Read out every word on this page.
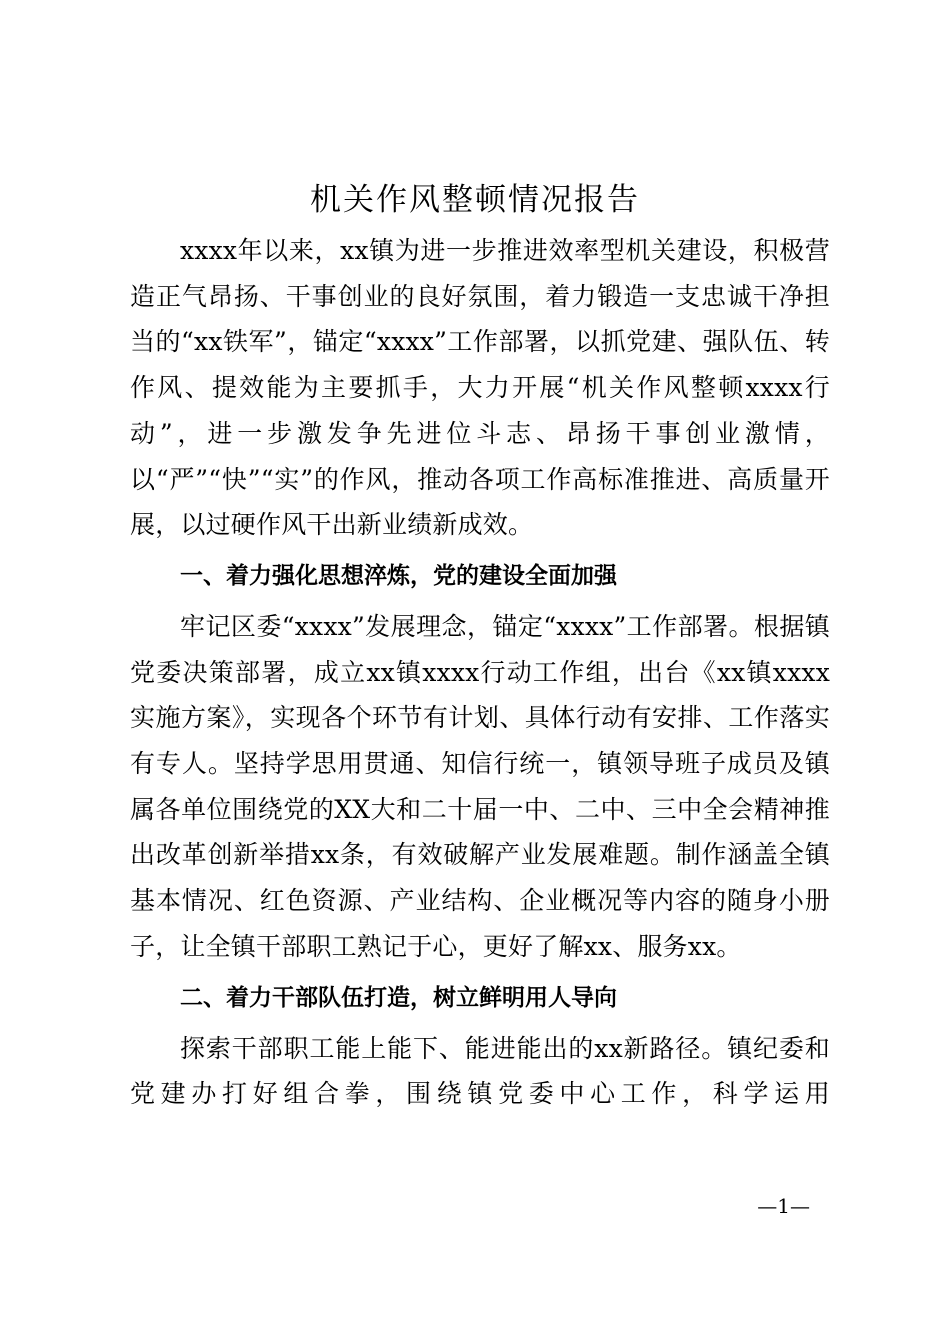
机关作风整顿情况报告

xxxx年以来，xx镇为进一步推进效率型机关建设，积极营造正气昂扬、干事创业的良好氛围，着力锻造一支忠诚干净担当的“xx铁军”，锚定“xxxx”工作部署，以抓党建、强队伍、转作风、提效能为主要抓手，大力开展“机关作风整顿xxxx行动”，进一步激发争先进位斗志、昂扬干事创业激情，以“严”“快”“实”的作风，推动各项工作高标准推进、高质量开展，以过硬作风干出新业绩新成效。

一、着力强化思想淬炼，党的建设全面加强

牢记区委“xxxx”发展理念，锚定“xxxx”工作部署。根据镇党委决策部署，成立xx镇xxxx行动工作组，出台《xx镇xxxx实施方案》，实现各个环节有计划、具体行动有安排、工作落实有专人。坚持学思用贯通、知信行统一，镇领导班子成员及镇属各单位围绕党的XX大和二十届一中、二中、三中全会精神推出改革创新举措xx条，有效破解产业发展难题。制作涵盖全镇基本情况、红色资源、产业结构、企业概况等内容的随身小册子，让全镇干部职工熟记于心，更好了解xx、服务xx。

二、着力干部队伍打造，树立鲜明用人导向

探索干部职工能上能下、能进能出的xx新路径。镇纪委和党建办打好组合拳，围绕镇党委中心工作，科学运用

—1—
